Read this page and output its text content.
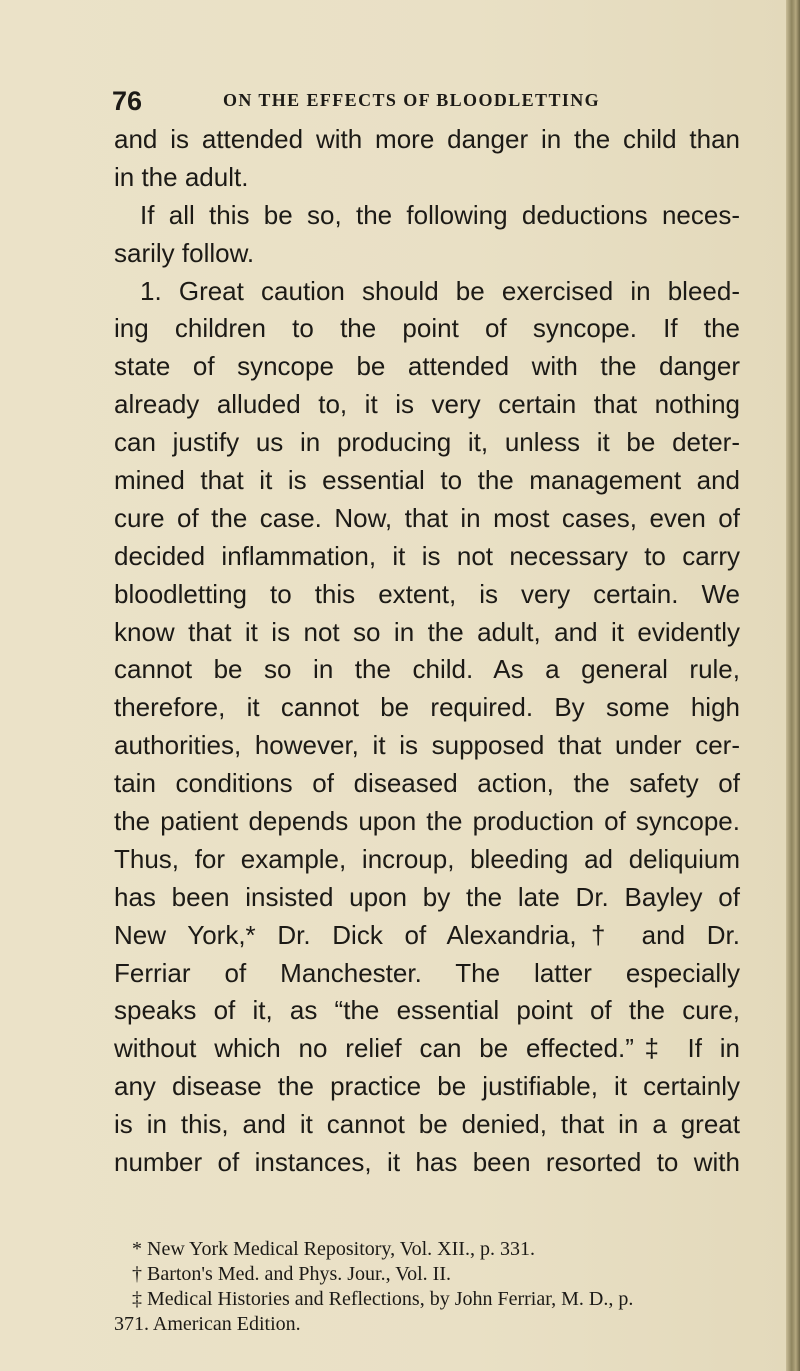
76	ON THE EFFECTS OF BLOODLETTING
and is attended with more danger in the child than
in the adult.
If all this be so, the following deductions neces-
sarily follow.
1. Great caution should be exercised in bleed-
ing children to the point of syncope. If the
state of syncope be attended with the danger
already alluded to, it is very certain that nothing
can justify us in producing it, unless it be deter-
mined that it is essential to the management and
cure of the case. Now, that in most cases, even of
decided inflammation, it is not necessary to carry
bloodletting to this extent, is very certain. We
know that it is not so in the adult, and it evidently
cannot be so in the child. As a general rule,
therefore, it cannot be required. By some high
authorities, however, it is supposed that under cer-
tain conditions of diseased action, the safety of
the patient depends upon the production of syncope.
Thus, for example, incroup, bleeding ad deliquium
has been insisted upon by the late Dr. Bayley of
New York,* Dr. Dick of Alexandria,† and Dr.
Ferriar of Manchester. The latter especially
speaks of it, as “the essential point of the cure,
without which no relief can be effected.”‡ If in
any disease the practice be justifiable, it certainly
is in this, and it cannot be denied, that in a great
number of instances, it has been resorted to with
* New York Medical Repository, Vol. XII., p. 331.
† Barton's Med. and Phys. Jour., Vol. II.
‡ Medical Histories and Reflections, by John Ferriar, M. D., p.
371. American Edition.
